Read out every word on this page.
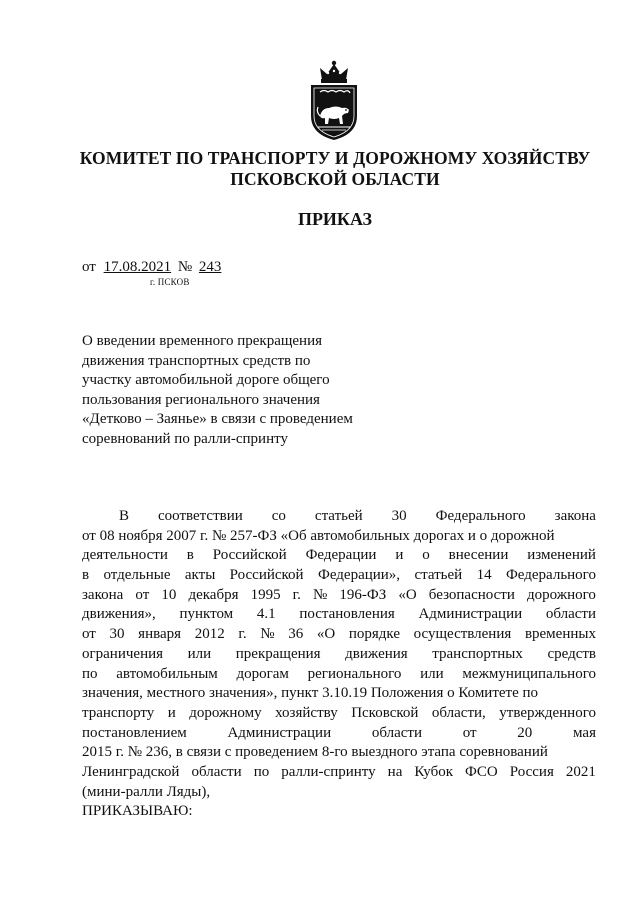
КОМИТЕТ ПО ТРАНСПОРТУ И ДОРОЖНОМУ ХОЗЯЙСТВУ
ПСКОВСКОЙ ОБЛАСТИ
ПРИКАЗ
от 17.08.2021 № 243
г. ПСКОВ
О введении временного прекращения
движения транспортных средств по
участку автомобильной дороге общего
пользования регионального значения
«Детково – Заянье» в связи с проведением
соревнований по ралли-спринту
В соответствии со статьей 30 Федерального закона
от 08 ноября 2007 г. № 257-ФЗ «Об автомобильных дорогах и о дорожной
деятельности в Российской Федерации и о внесении изменений
в отдельные акты Российской Федерации», статьей 14 Федерального
закона от 10 декабря 1995 г. № 196-ФЗ «О безопасности дорожного
движения», пунктом 4.1 постановления Администрации области
от 30 января 2012 г. № 36 «О порядке осуществления временных
ограничения или прекращения движения транспортных средств
по автомобильным дорогам регионального или межмуниципального
значения, местного значения», пункт 3.10.19 Положения о Комитете по
транспорту и дорожному хозяйству Псковской области, утвержденного
постановлением	Администрации	области	от	20	мая
2015 г. № 236, в связи с проведением 8-го выездного этапа соревнований
Ленинградской области по ралли-спринту на Кубок ФСО Россия 2021
(мини-ралли Ляды),
ПРИКАЗЫВАЮ:
